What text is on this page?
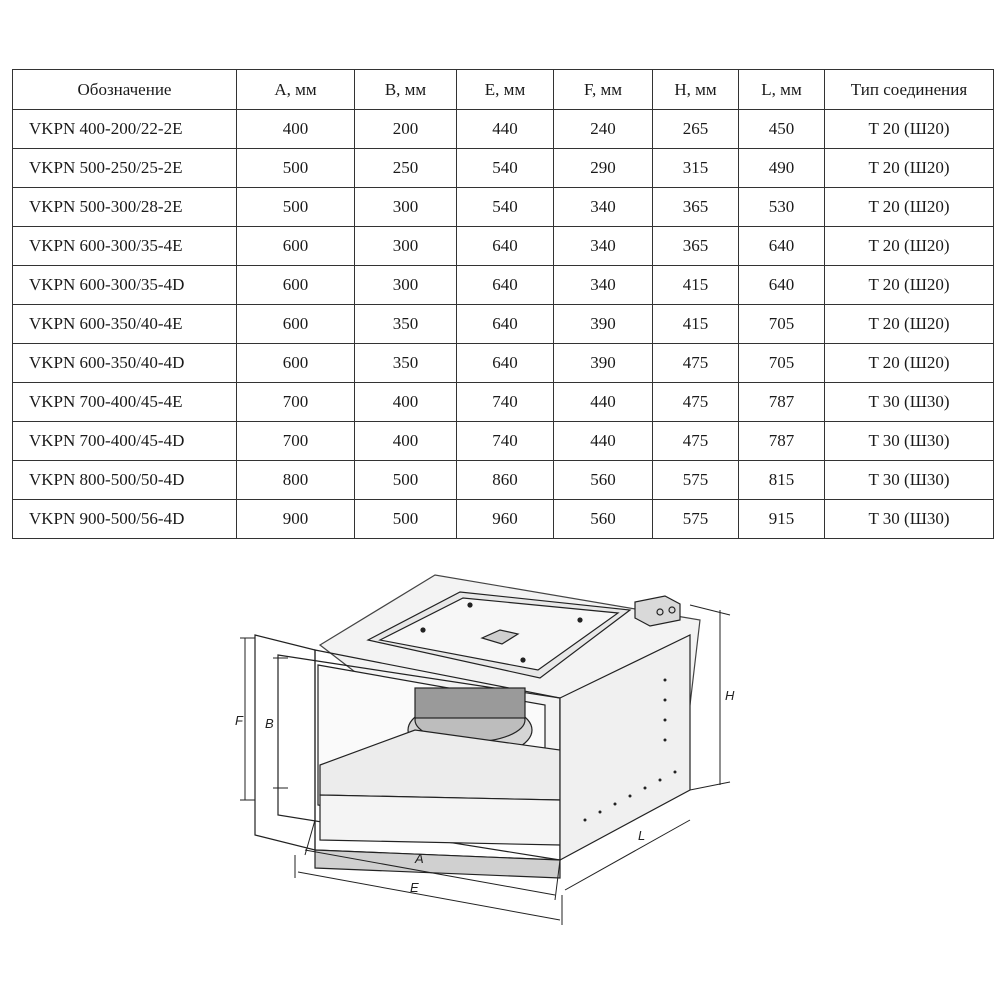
Обозначение	A, мм	B, мм	E, мм	F, мм	H, мм	L, мм	Тип соединения
VKPN 400-200/22-2E	400	200	440	240	265	450	T 20 (Ш20)
VKPN 500-250/25-2E	500	250	540	290	315	490	T 20 (Ш20)
VKPN 500-300/28-2E	500	300	540	340	365	530	T 20 (Ш20)
VKPN 600-300/35-4E	600	300	640	340	365	640	T 20 (Ш20)
VKPN 600-300/35-4D	600	300	640	340	415	640	T 20 (Ш20)
VKPN 600-350/40-4E	600	350	640	390	415	705	T 20 (Ш20)
VKPN 600-350/40-4D	600	350	640	390	475	705	T 20 (Ш20)
VKPN 700-400/45-4E	700	400	740	440	475	787	T 30 (Ш30)
VKPN 700-400/45-4D	700	400	740	440	475	787	T 30 (Ш30)
VKPN 800-500/50-4D	800	500	860	560	575	815	T 30 (Ш30)
VKPN 900-500/56-4D	900	500	960	560	575	915	T 30 (Ш30)
F B
A
E
L
H
